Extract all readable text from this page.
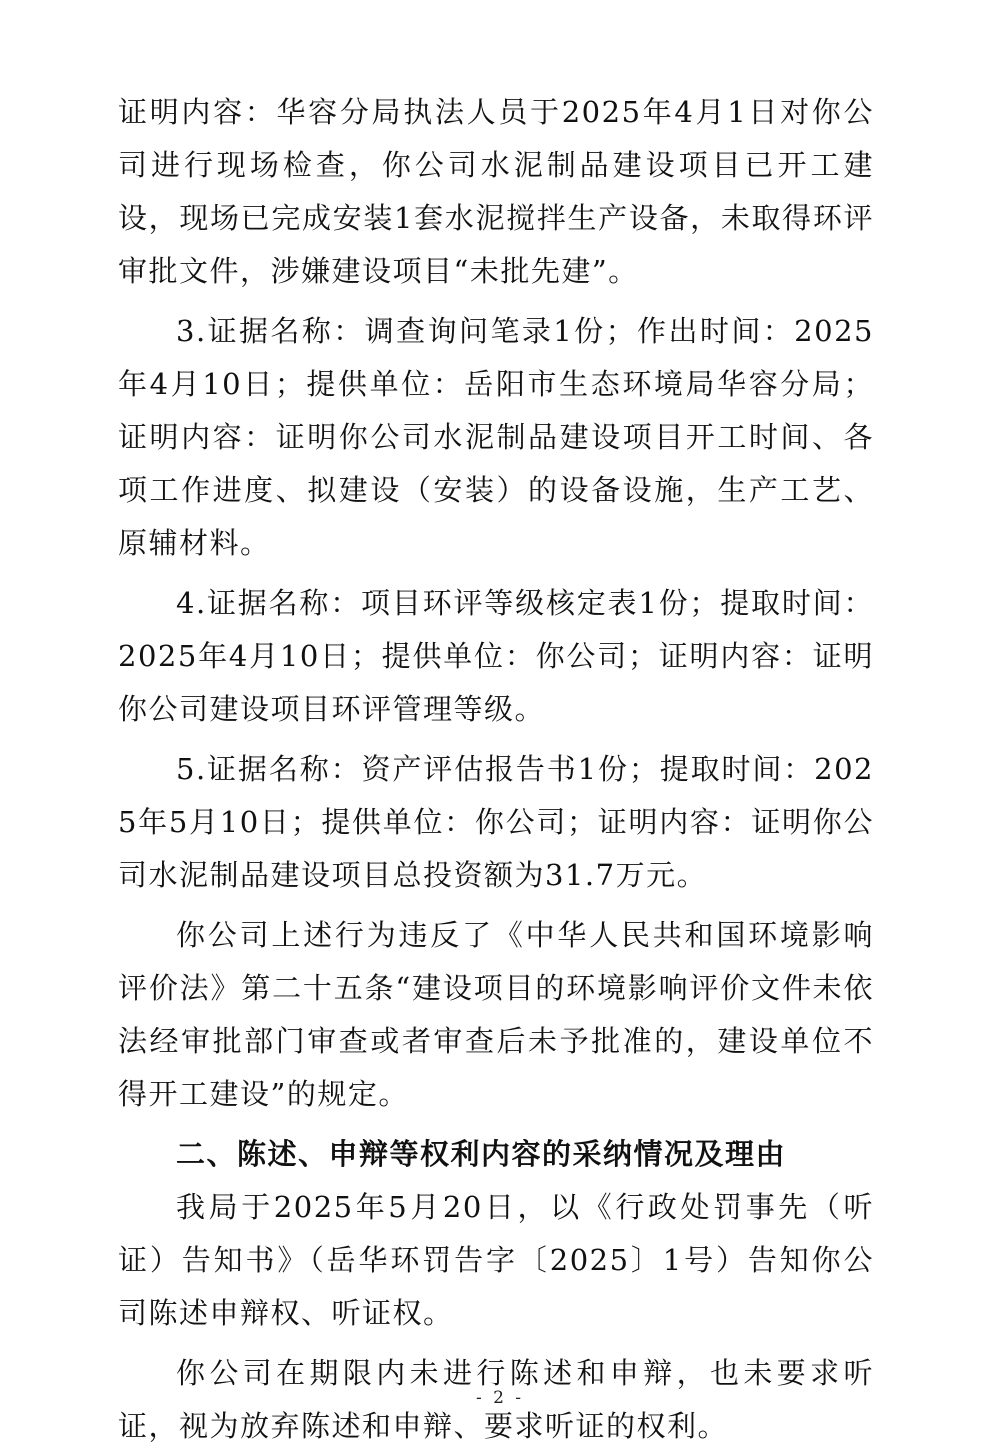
证明内容：华容分局执法人员于2025年4月1日对你公司进行现场检查，你公司水泥制品建设项目已开工建设，现场已完成安装1套水泥搅拌生产设备，未取得环评审批文件，涉嫌建设项目“未批先建”。

3.证据名称：调查询问笔录1份；作出时间：2025年4月10日；提供单位：岳阳市生态环境局华容分局；证明内容：证明你公司水泥制品建设项目开工时间、各项工作进度、拟建设（安装）的设备设施，生产工艺、原辅材料。

4.证据名称：项目环评等级核定表1份；提取时间：2025年4月10日；提供单位：你公司；证明内容：证明你公司建设项目环评管理等级。

5.证据名称：资产评估报告书1份；提取时间：2025年5月10日；提供单位：你公司；证明内容：证明你公司水泥制品建设项目总投资额为31.7万元。

你公司上述行为违反了《中华人民共和国环境影响评价法》第二十五条“建设项目的环境影响评价文件未依法经审批部门审查或者审查后未予批准的，建设单位不得开工建设”的规定。

二、陈述、申辩等权利内容的采纳情况及理由

我局于2025年5月20日，以《行政处罚事先（听证）告知书》（岳华环罚告字〔2025〕1号）告知你公司陈述申辩权、听证权。

你公司在期限内未进行陈述和申辩，也未要求听证，视为放弃陈述和申辩、要求听证的权利。

- 2 -
